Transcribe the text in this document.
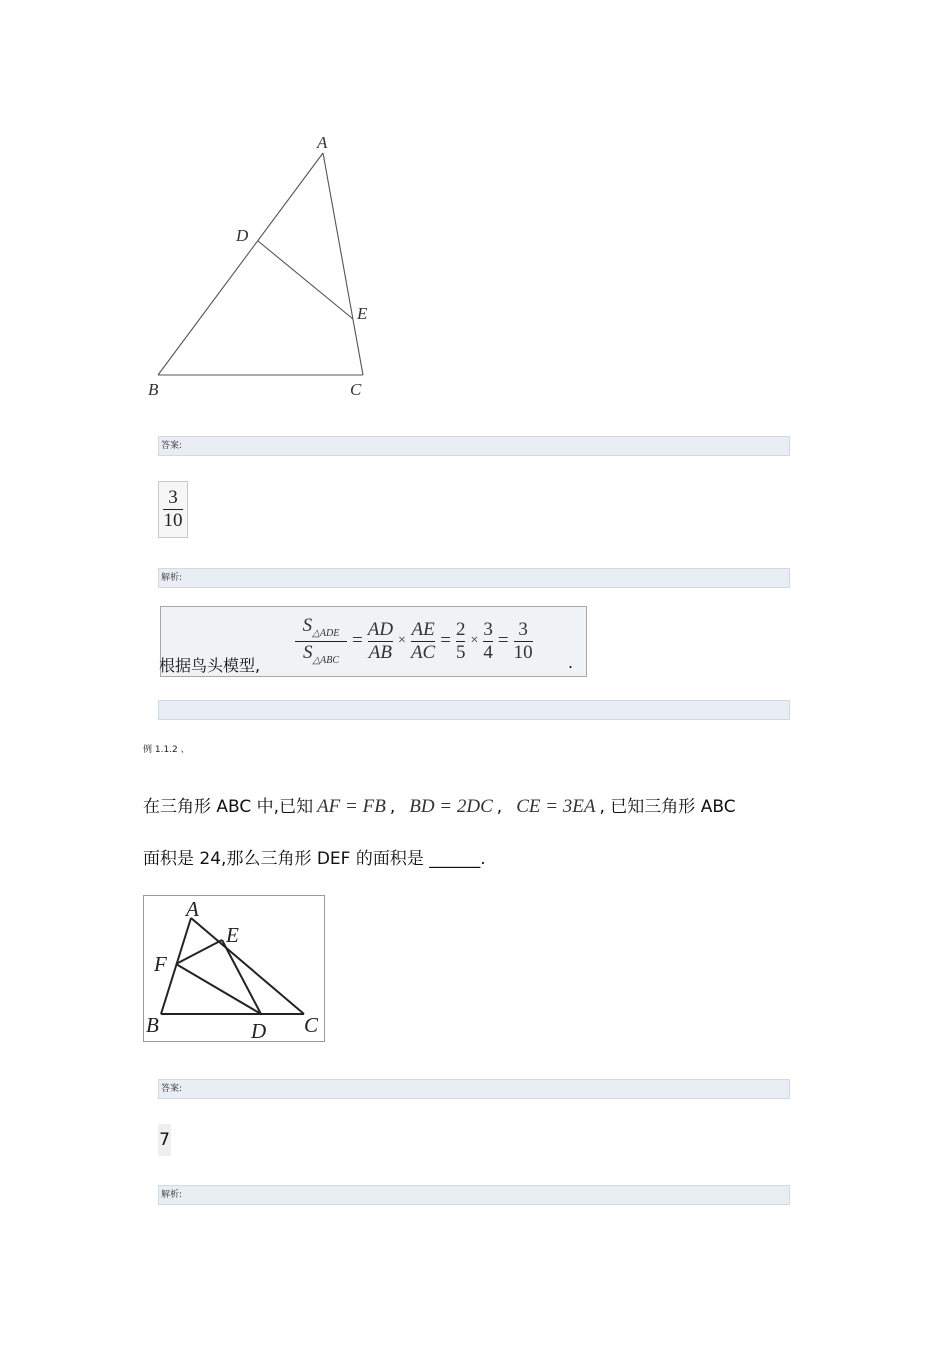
A
D
E
B	C
答案:
$\frac{3}{10}$
解析:
根据鸟头模型, $\frac{S_{\triangle ADE}}{S_{\triangle ABC}} = \frac{AD}{AB} \times \frac{AE}{AC} = \frac{2}{5} \times \frac{3}{4} = \frac{3}{10}$
.
例 1.1.2 、
在三角形 ABC 中,已知 AF = FB , BD = 2DC , CE = 3EA , 已知三角形 ABC
面积是 24,那么三角形 DEF 的面积是 ______.
A
E
F
B	D C
答案:
7
解析:
